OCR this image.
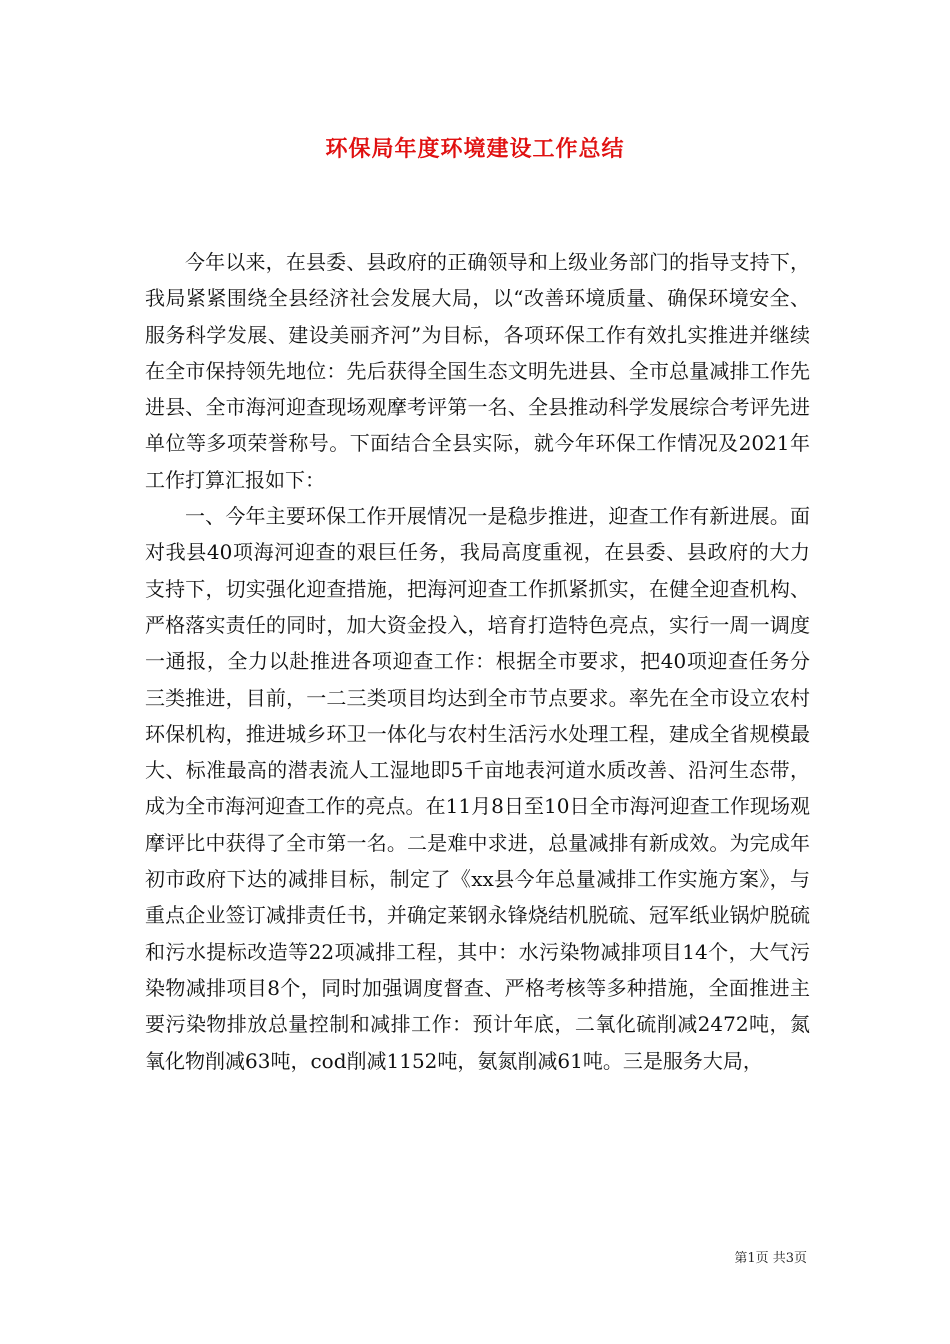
环保局年度环境建设工作总结

今年以来，在县委、县政府的正确领导和上级业务部门的指导支持下，我局紧紧围绕全县经济社会发展大局，以“改善环境质量、确保环境安全、服务科学发展、建设美丽齐河”为目标，各项环保工作有效扎实推进并继续在全市保持领先地位：先后获得全国生态文明先进县、全市总量减排工作先进县、全市海河迎查现场观摩考评第一名、全县推动科学发展综合考评先进单位等多项荣誉称号。下面结合全县实际，就今年环保工作情况及2021年工作打算汇报如下：

一、今年主要环保工作开展情况一是稳步推进，迎查工作有新进展。面对我县40项海河迎查的艰巨任务，我局高度重视，在县委、县政府的大力支持下，切实强化迎查措施，把海河迎查工作抓紧抓实，在健全迎查机构、严格落实责任的同时，加大资金投入，培育打造特色亮点，实行一周一调度一通报，全力以赴推进各项迎查工作：根据全市要求，把40项迎查任务分三类推进，目前，一二三类项目均达到全市节点要求。率先在全市设立农村环保机构，推进城乡环卫一体化与农村生活污水处理工程，建成全省规模最大、标准最高的潜表流人工湿地即5千亩地表河道水质改善、沿河生态带，成为全市海河迎查工作的亮点。在11月8日至10日全市海河迎查工作现场观摩评比中获得了全市第一名。二是难中求进，总量减排有新成效。为完成年初市政府下达的减排目标，制定了《xx县今年总量减排工作实施方案》，与重点企业签订减排责任书，并确定莱钢永锋烧结机脱硫、冠军纸业锅炉脱硫和污水提标改造等22项减排工程，其中：水污染物减排项目14个，大气污染物减排项目8个，同时加强调度督查、严格考核等多种措施，全面推进主要污染物排放总量控制和减排工作：预计年底，二氧化硫削减2472吨，氮氧化物削减63吨，cod削减1152吨，氨氮削减61吨。三是服务大局，

第1页 共3页
